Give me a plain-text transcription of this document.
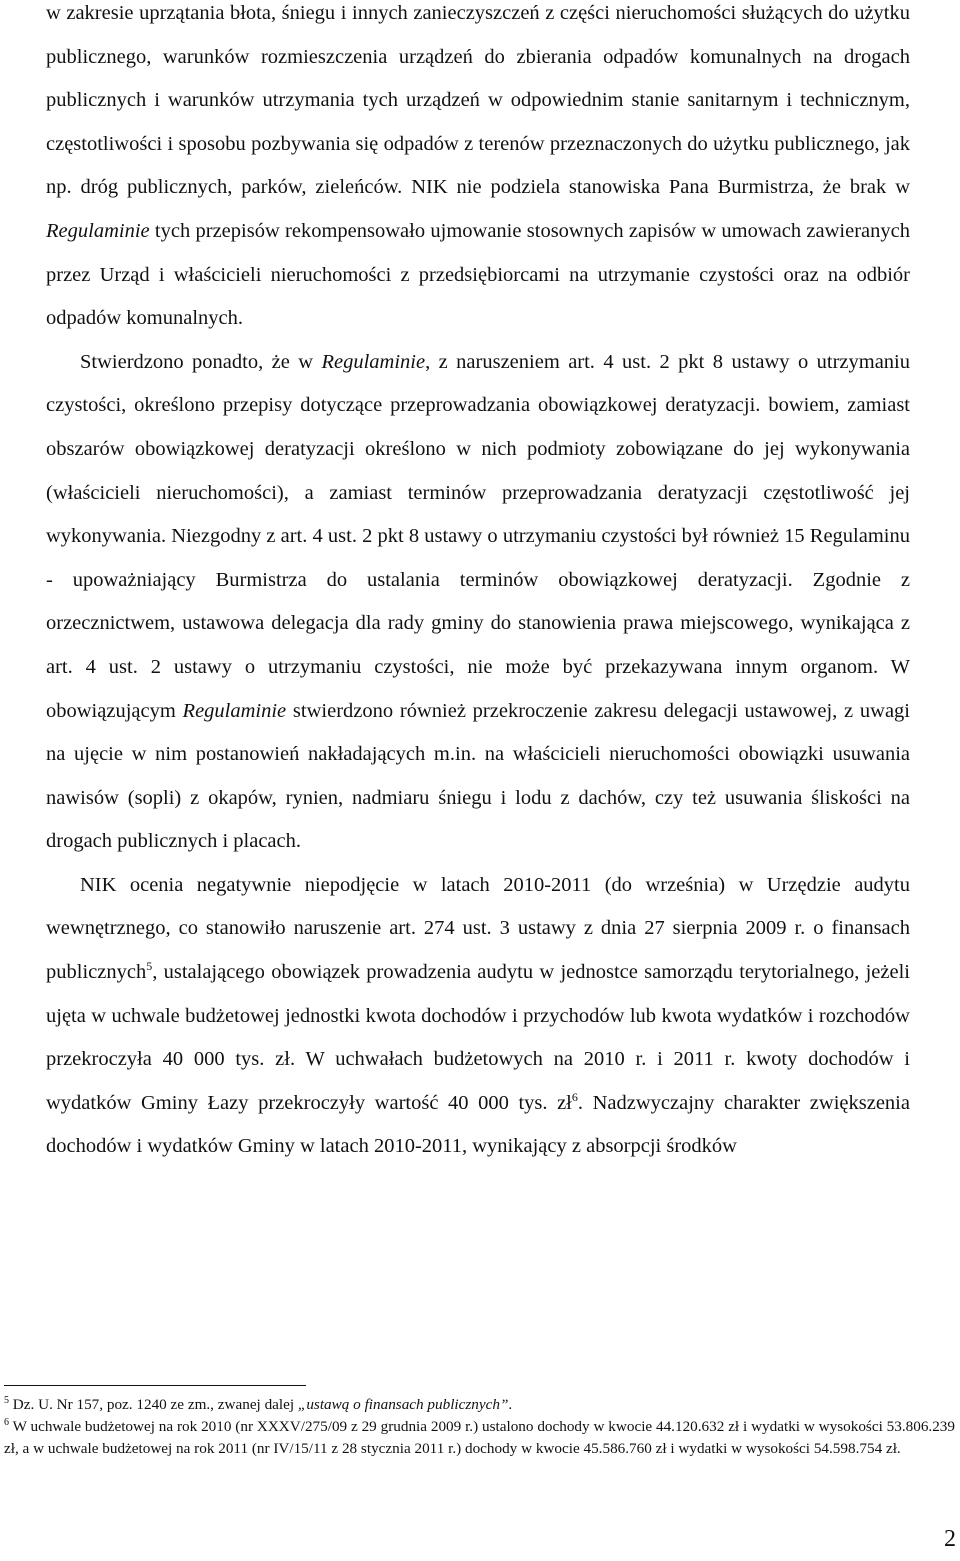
w zakresie uprzątania błota, śniegu i innych zanieczyszczeń z części nieruchomości służących do użytku publicznego, warunków rozmieszczenia urządzeń do zbierania odpadów komunalnych na drogach publicznych i warunków utrzymania tych urządzeń w odpowiednim stanie sanitarnym i technicznym, częstotliwości i sposobu pozbywania się odpadów z terenów przeznaczonych do użytku publicznego, jak np. dróg publicznych, parków, zieleńców. NIK nie podziela stanowiska Pana Burmistrza, że brak w Regulaminie tych przepisów rekompensowało ujmowanie stosownych zapisów w umowach zawieranych przez Urząd i właścicieli nieruchomości z przedsiębiorcami na utrzymanie czystości oraz na odbiór odpadów komunalnych.

Stwierdzono ponadto, że w Regulaminie, z naruszeniem art. 4 ust. 2 pkt 8 ustawy o utrzymaniu czystości, określono przepisy dotyczące przeprowadzania obowiązkowej deratyzacji. bowiem, zamiast obszarów obowiązkowej deratyzacji określono w nich podmioty zobowiązane do jej wykonywania (właścicieli nieruchomości), a zamiast terminów przeprowadzania deratyzacji częstotliwość jej wykonywania. Niezgodny z art. 4 ust. 2 pkt 8 ustawy o utrzymaniu czystości był również 15 Regulaminu - upoważniający Burmistrza do ustalania terminów obowiązkowej deratyzacji. Zgodnie z orzecznictwem, ustawowa delegacja dla rady gminy do stanowienia prawa miejscowego, wynikająca z art. 4 ust. 2 ustawy o utrzymaniu czystości, nie może być przekazywana innym organom. W obowiązującym Regulaminie stwierdzono również przekroczenie zakresu delegacji ustawowej, z uwagi na ujęcie w nim postanowień nakładających m.in. na właścicieli nieruchomości obowiązki usuwania nawisów (sopli) z okapów, rynien, nadmiaru śniegu i lodu z dachów, czy też usuwania śliskości na drogach publicznych i placach.

NIK ocenia negatywnie niepodjęcie w latach 2010-2011 (do września) w Urzędzie audytu wewnętrznego, co stanowiło naruszenie art. 274 ust. 3 ustawy z dnia 27 sierpnia 2009 r. o finansach publicznych$^5$, ustalającego obowiązek prowadzenia audytu w jednostce samorządu terytorialnego, jeżeli ujęta w uchwale budżetowej jednostki kwota dochodów i przychodów lub kwota wydatków i rozchodów przekroczyła 40 000 tys. zł. W uchwałach budżetowych na 2010 r. i 2011 r. kwoty dochodów i wydatków Gminy Łazy przekroczyły wartość 40 000 tys. $zł^6$. Nadzwyczajny charakter zwiększenia dochodów i wydatków Gminy w latach 2010-2011, wynikający z absorpcji środków

$^5$ Dz. U. Nr 157, poz. 1240 ze zm., zwanej dalej „ustawą o finansach publicznych”.

$^6$ W uchwale budżetowej na rok 2010 (nr XXXV/275/09 z 29 grudnia 2009 r.) ustalono dochody w kwocie 44.120.632 zł i wydatki w wysokości 53.806.239 zł, a w uchwale budżetowej na rok 2011 (nr IV/15/11 z 28 stycznia 2011 r.) dochody w kwocie 45.586.760 zł i wydatki w wysokości 54.598.754 zł.

2
